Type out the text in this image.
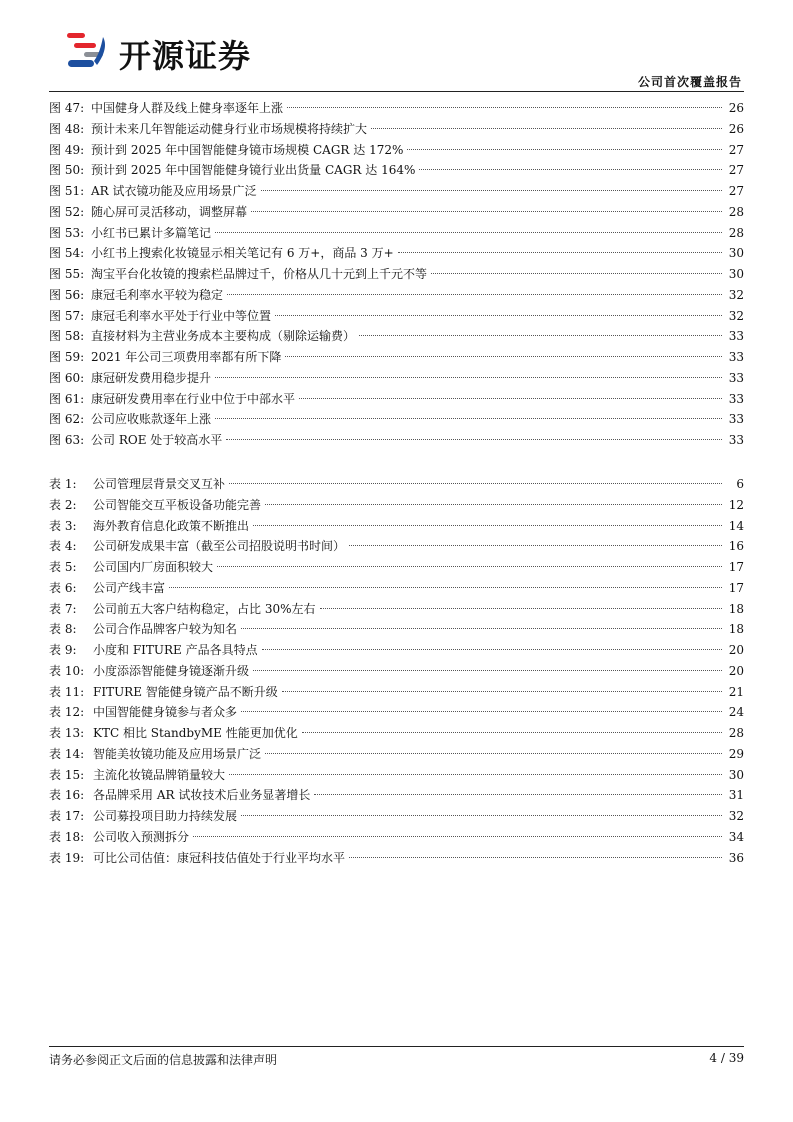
开源证券
公司首次覆盖报告
图 47: 中国健身人群及线上健身率逐年上涨	26
图 48: 预计未来几年智能运动健身行业市场规模将持续扩大	26
图 49: 预计到 2025 年中国智能健身镜市场规模 CAGR 达 172%	27
图 50: 预计到 2025 年中国智能健身镜行业出货量 CAGR 达 164%	27
图 51: AR 试衣镜功能及应用场景广泛	27
图 52: 随心屏可灵活移动，调整屏幕	28
图 53: 小红书已累计多篇笔记	28
图 54: 小红书上搜索化妆镜显示相关笔记有 6 万+，商品 3 万+	30
图 55: 淘宝平台化妆镜的搜索栏品牌过千，价格从几十元到上千元不等	30
图 56: 康冠毛利率水平较为稳定	32
图 57: 康冠毛利率水平处于行业中等位置	32
图 58: 直接材料为主营业务成本主要构成（剔除运输费）	33
图 59: 2021 年公司三项费用率都有所下降	33
图 60: 康冠研发费用稳步提升	33
图 61: 康冠研发费用率在行业中位于中部水平	33
图 62: 公司应收账款逐年上涨	33
图 63: 公司 ROE 处于较高水平	33
表 1:	公司管理层背景交叉互补	6
表 2:	公司智能交互平板设备功能完善	12
表 3:	海外教育信息化政策不断推出	14
表 4:	公司研发成果丰富（截至公司招股说明书时间）	16
表 5:	公司国内厂房面积较大	17
表 6:	公司产线丰富	17
表 7:	公司前五大客户结构稳定，占比 30%左右	18
表 8:	公司合作品牌客户较为知名	18
表 9:	小度和 FITURE 产品各具特点	20
表 10: 小度添添智能健身镜逐渐升级	20
表 11: FITURE 智能健身镜产品不断升级	21
表 12: 中国智能健身镜参与者众多	24
表 13: KTC 相比 StandbyME 性能更加优化	28
表 14: 智能美妆镜功能及应用场景广泛	29
表 15: 主流化妆镜品牌销量较大	30
表 16: 各品牌采用 AR 试妆技术后业务显著增长	31
表 17: 公司募投项目助力持续发展	32
表 18: 公司收入预测拆分	34
表 19: 可比公司估值：康冠科技估值处于行业平均水平	36
请务必参阅正文后面的信息披露和法律声明	4 / 39
